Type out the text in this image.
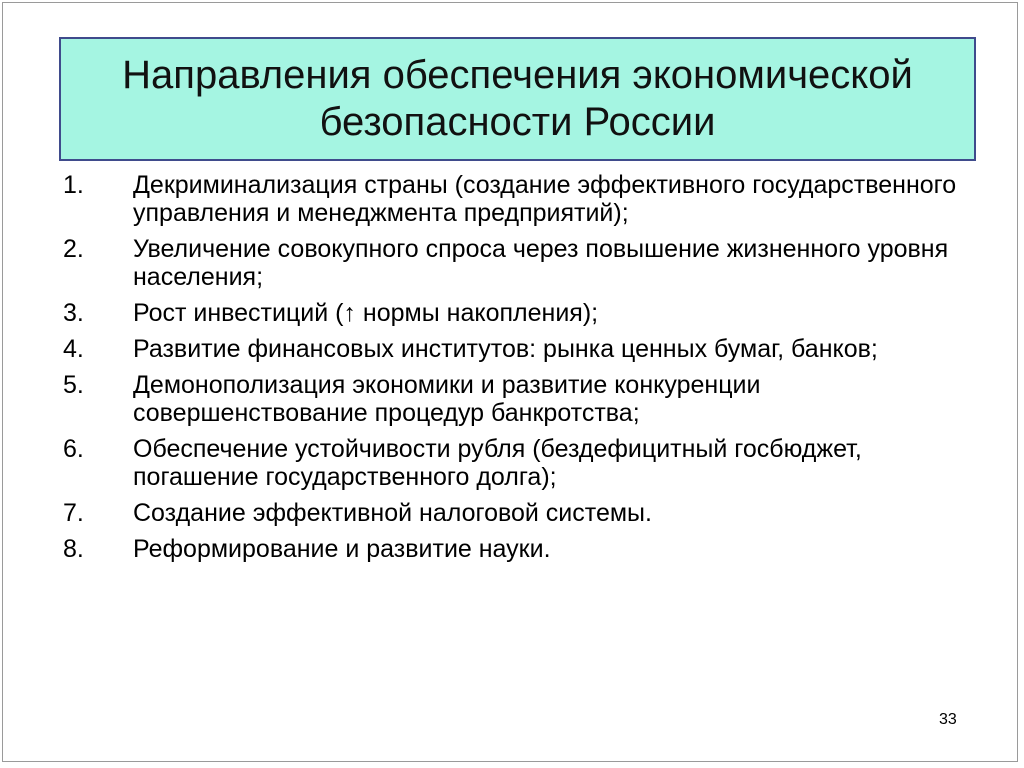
Направления обеспечения экономической
безопасности России
1.	Декриминализация страны (создание эффективного государственного управления и менеджмента предприятий);
2.	Увеличение совокупного спроса через повышение жизненного уровня населения;
3.	Рост инвестиций (↑ нормы накопления);
4.	Развитие финансовых институтов: рынка ценных бумаг, банков;
5.	Демонополизация экономики и развитие конкуренции совершенствование процедур банкротства;
6.	Обеспечение устойчивости рубля (бездефицитный госбюджет, погашение государственного долга);
7.	Создание эффективной налоговой системы.
8.	Реформирование и развитие науки.
33
